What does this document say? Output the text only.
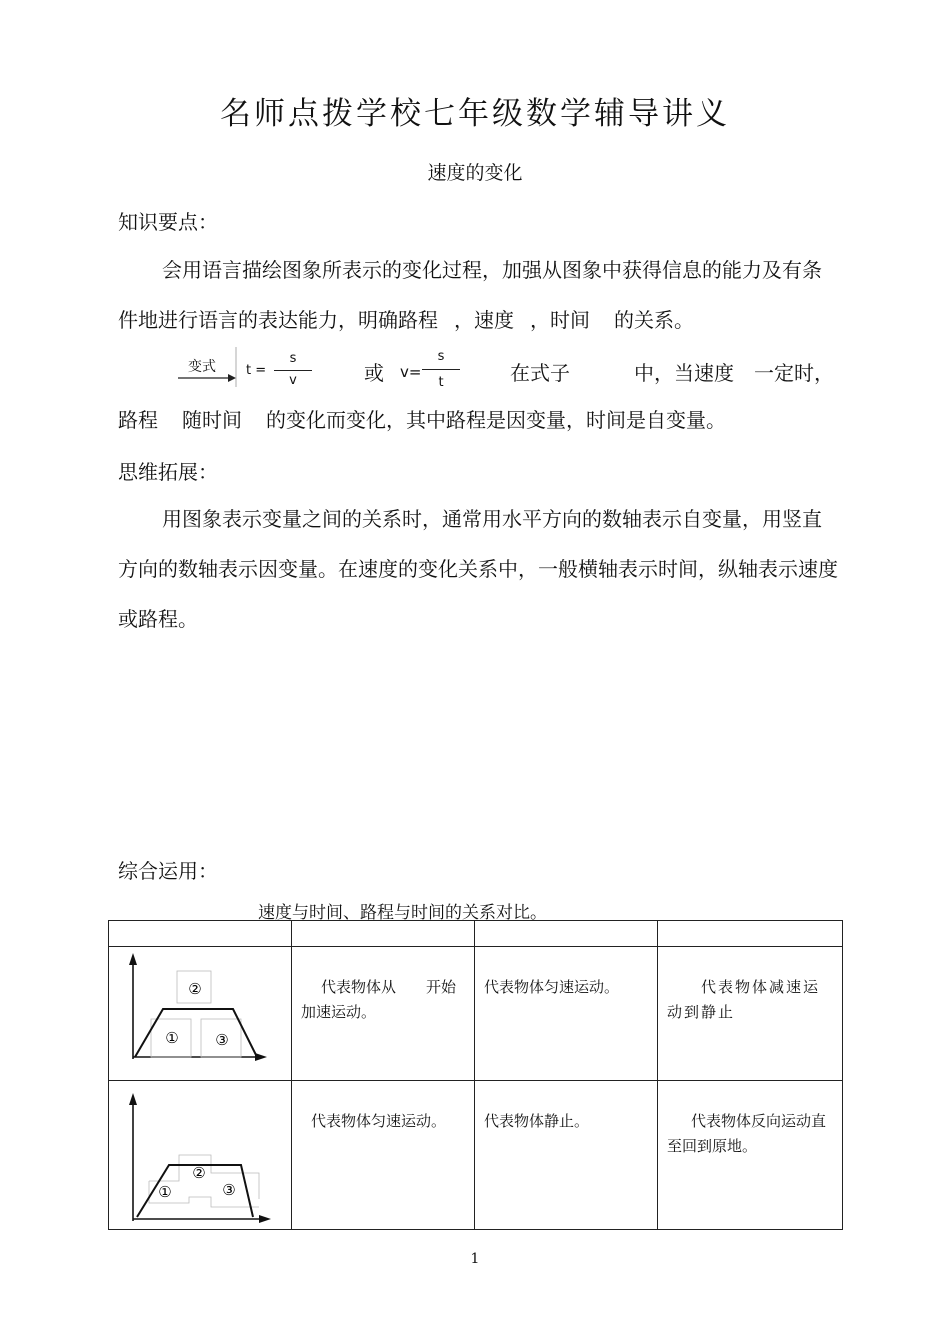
名师点拨学校七年级数学辅导讲义
速度的变化
知识要点：
会用语言描绘图象所表示的变化过程，加强从图象中获得信息的能力及有条件地进行语言的表达能力，明确路程 ，速度 ，时间 的关系。
变式 t =
s
v	或 v=
s
t	在式子	中，当速度 一定时，
路程 随时间 的变化而变化，其中路程是因变量，时间是自变量。
思维拓展：
用图象表示变量之间的关系时，通常用水平方向的数轴表示自变量，用竖直方向的数轴表示因变量。在速度的变化关系中，一般横轴表示时间，纵轴表示速度或路程。
综合运用：
速度与时间、路程与时间的关系对比。

②
① ③	代表物体从 开始加速运动。	代表物体匀速运动。	代表物体减速运动到静止

②
① ③	代表物体匀速运动。	代表物体静止。	代表物体反向运动直至回到原地。
1
